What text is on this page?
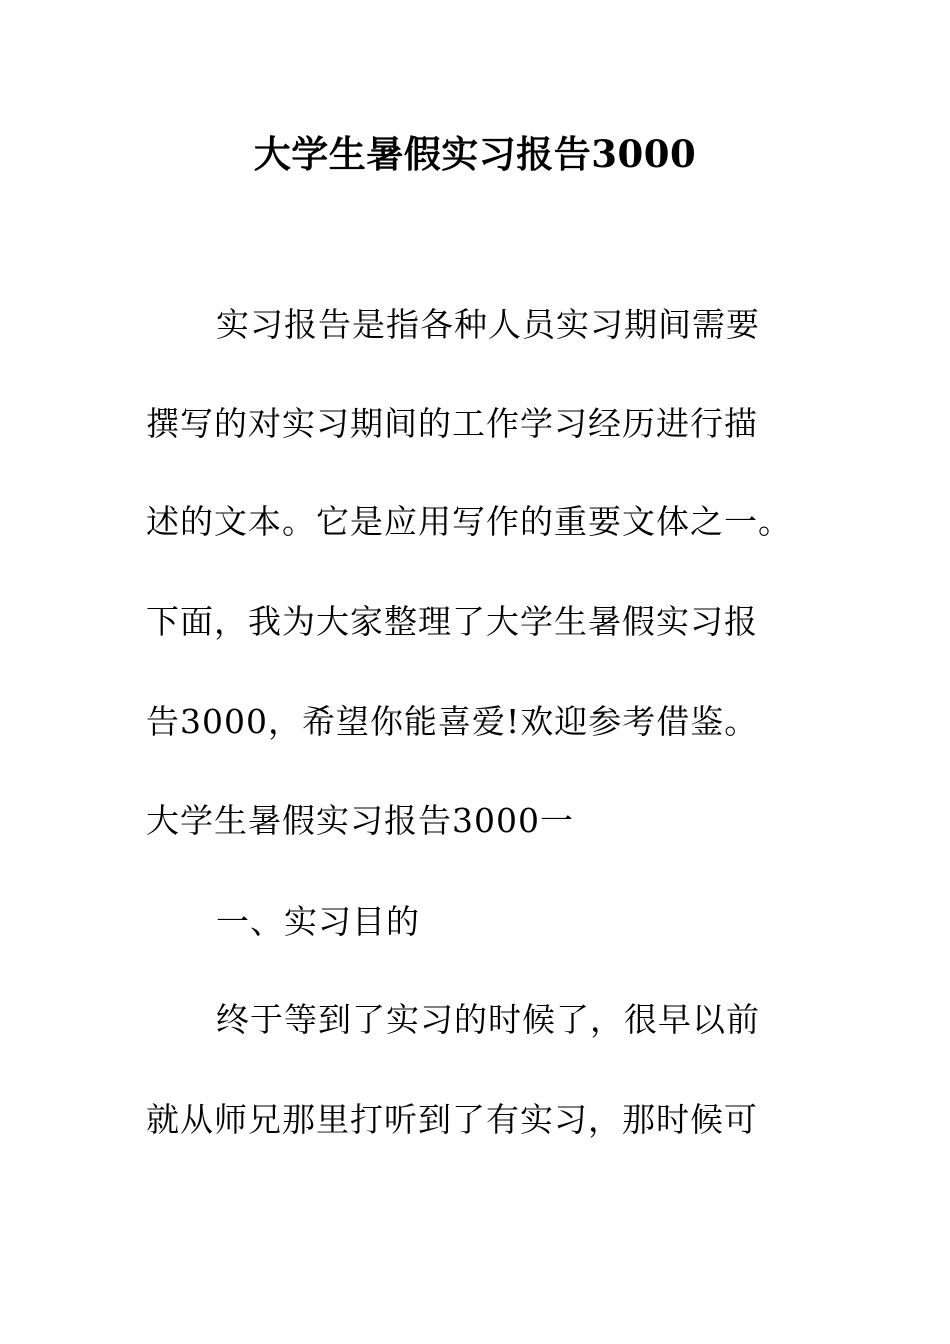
大学生暑假实习报告3000
实习报告是指各种人员实习期间需要
撰写的对实习期间的工作学习经历进行描
述的文本。它是应用写作的重要文体之一。
下面，我为大家整理了大学生暑假实习报
告3000，希望你能喜爱!欢迎参考借鉴。
大学生暑假实习报告3000一
一、实习目的
终于等到了实习的时候了，很早以前
就从师兄那里打听到了有实习，那时候可
